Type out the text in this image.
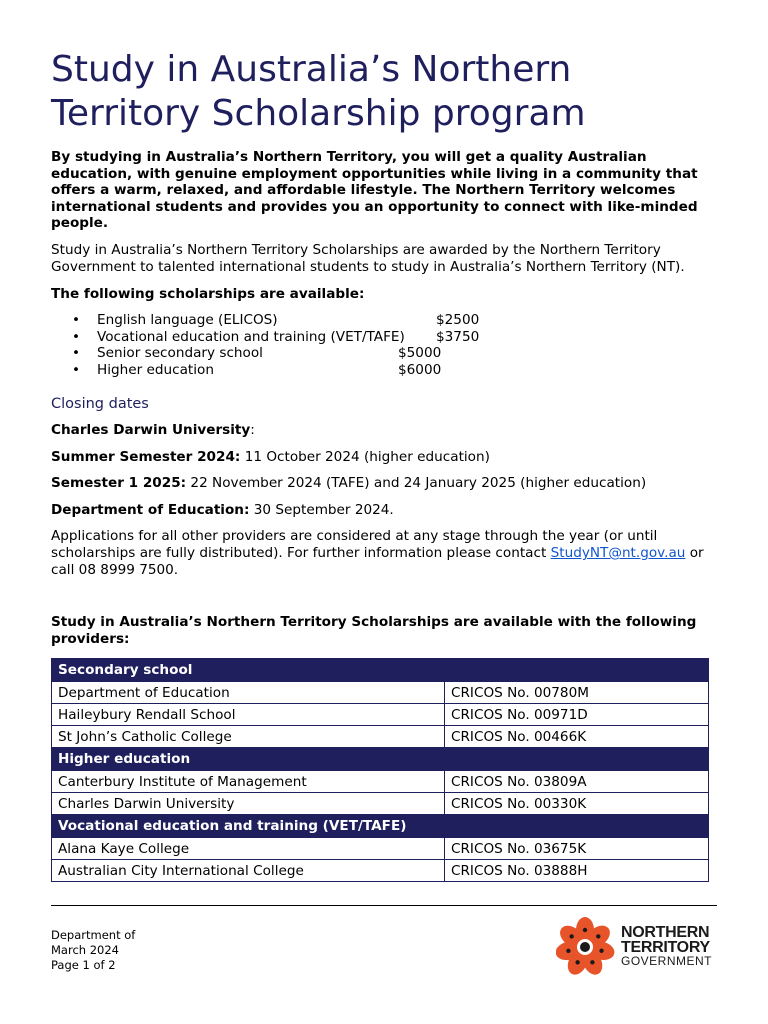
Study in Australia’s Northern Territory Scholarship program

By studying in Australia’s Northern Territory, you will get a quality Australian education, with genuine employment opportunities while living in a community that offers a warm, relaxed, and affordable lifestyle. The Northern Territory welcomes international students and provides you an opportunity to connect with like-minded people.

Study in Australia’s Northern Territory Scholarships are awarded by the Northern Territory Government to talented international students to study in Australia’s Northern Territory (NT).

The following scholarships are available:

• English language (ELICOS)	$2500
• Vocational education and training (VET/TAFE) $3750
• Senior secondary school	$5000
• Higher education	$6000
Closing dates

Charles Darwin University:

Summer Semester 2024: 11 October 2024 (higher education)

Semester 1 2025: 22 November 2024 (TAFE) and 24 January 2025 (higher education)

Department of Education: 30 September 2024.

Applications for all other providers are considered at any stage through the year (or until scholarships are fully distributed). For further information please contact StudyNT@nt.gov.au or call 08 8999 7500.

Study in Australia’s Northern Territory Scholarships are available with the following providers:

Secondary school	
Department of Education	CRICOS No. 00780M
Haileybury Rendall School	CRICOS No. 00971D
St John’s Catholic College	CRICOS No. 00466K
Higher education	
Canterbury Institute of Management	CRICOS No. 03809A
Charles Darwin University	CRICOS No. 00330K
Vocational education and training (VET/TAFE)	
Alana Kaye College	CRICOS No. 03675K
Australian City International College	CRICOS No. 03888H
Department of
March 2024
Page 1 of 2
NORTHERN
TERRITORY
GOVERNMENT
